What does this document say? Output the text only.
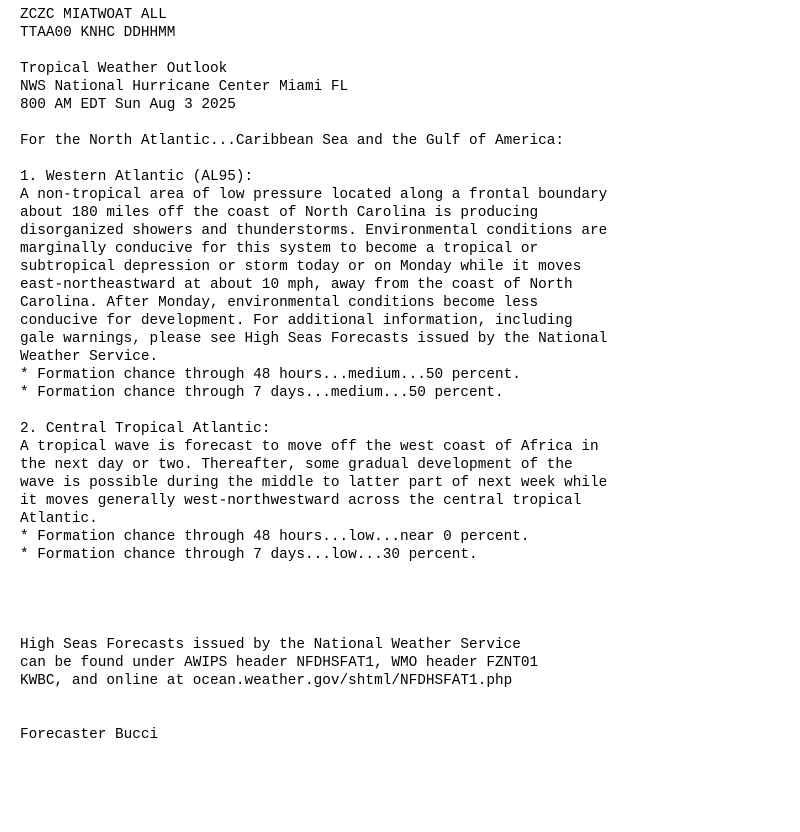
ZCZC MIATWOAT ALL
TTAA00 KNHC DDHHMM
Tropical Weather Outlook
NWS National Hurricane Center Miami FL
800 AM EDT Sun Aug 3 2025
For the North Atlantic...Caribbean Sea and the Gulf of America:
1. Western Atlantic (AL95):
A non-tropical area of low pressure located along a frontal boundary
about 180 miles off the coast of North Carolina is producing
disorganized showers and thunderstorms. Environmental conditions are
marginally conducive for this system to become a tropical or
subtropical depression or storm today or on Monday while it moves
east-northeastward at about 10 mph, away from the coast of North
Carolina. After Monday, environmental conditions become less
conducive for development. For additional information, including
gale warnings, please see High Seas Forecasts issued by the National
Weather Service.
* Formation chance through 48 hours...medium...50 percent.
* Formation chance through 7 days...medium...50 percent.
2. Central Tropical Atlantic:
A tropical wave is forecast to move off the west coast of Africa in
the next day or two. Thereafter, some gradual development of the
wave is possible during the middle to latter part of next week while
it moves generally west-northwestward across the central tropical
Atlantic.
* Formation chance through 48 hours...low...near 0 percent.
* Formation chance through 7 days...low...30 percent.
High Seas Forecasts issued by the National Weather Service
can be found under AWIPS header NFDHSFAT1, WMO header FZNT01
KWBC, and online at ocean.weather.gov/shtml/NFDHSFAT1.php
Forecaster Bucci
